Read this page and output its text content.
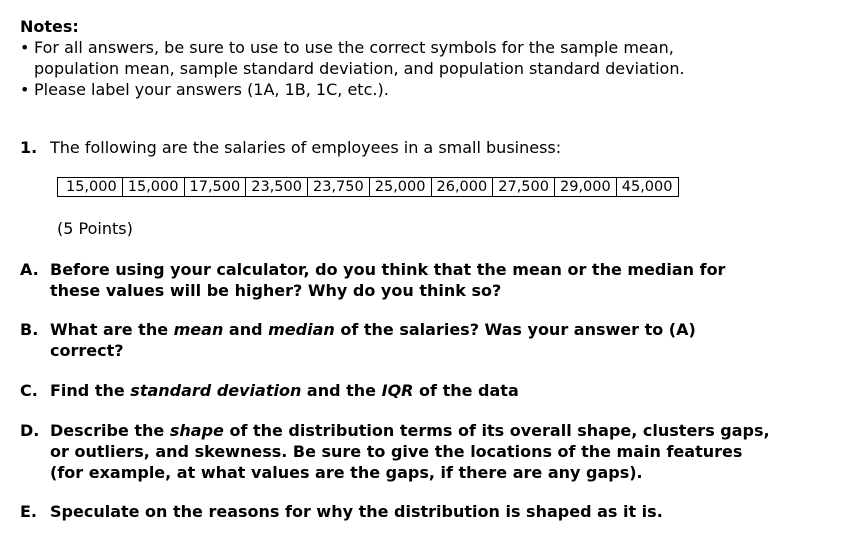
Notes:
• For all answers, be sure to use to use the correct symbols for the sample mean,
population mean, sample standard deviation, and population standard deviation.
• Please label your answers (1A, 1B, 1C, etc.).
1. The following are the salaries of employees in a small business:
15,000	15,000	17,500	23,500	23,750	25,000	26,000	27,500	29,000	45,000
(5 Points)
A. Before using your calculator, do you think that the mean or the median for
these values will be higher? Why do you think so?
B. What are the mean and median of the salaries? Was your answer to (A)
correct?
C. Find the standard deviation and the IQR of the data
D. Describe the shape of the distribution terms of its overall shape, clusters gaps,
or outliers, and skewness. Be sure to give the locations of the main features
(for example, at what values are the gaps, if there are any gaps).
E. Speculate on the reasons for why the distribution is shaped as it is.
